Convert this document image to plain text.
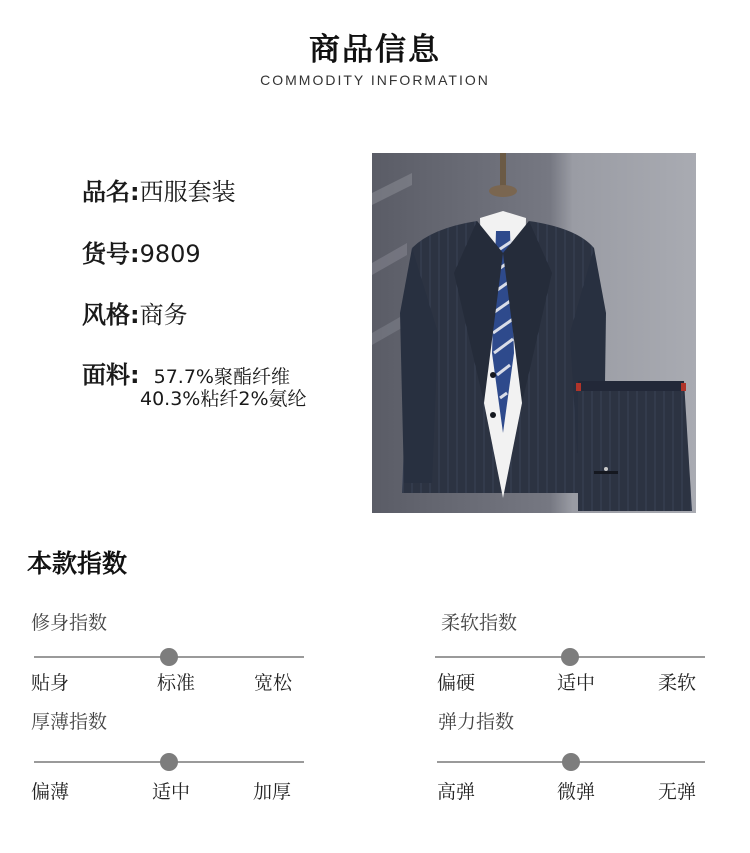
商品信息
COMMODITY INFORMATION
品名:西服套装
货号:9809
风格:商务
面料: 57.7%聚酯纤维
40.3%粘纤2%氨纶
本款指数
修身指数
贴身	标准	宽松
柔软指数
偏硬	适中	柔软
厚薄指数
偏薄	适中	加厚
弹力指数
高弹	微弹	无弹
